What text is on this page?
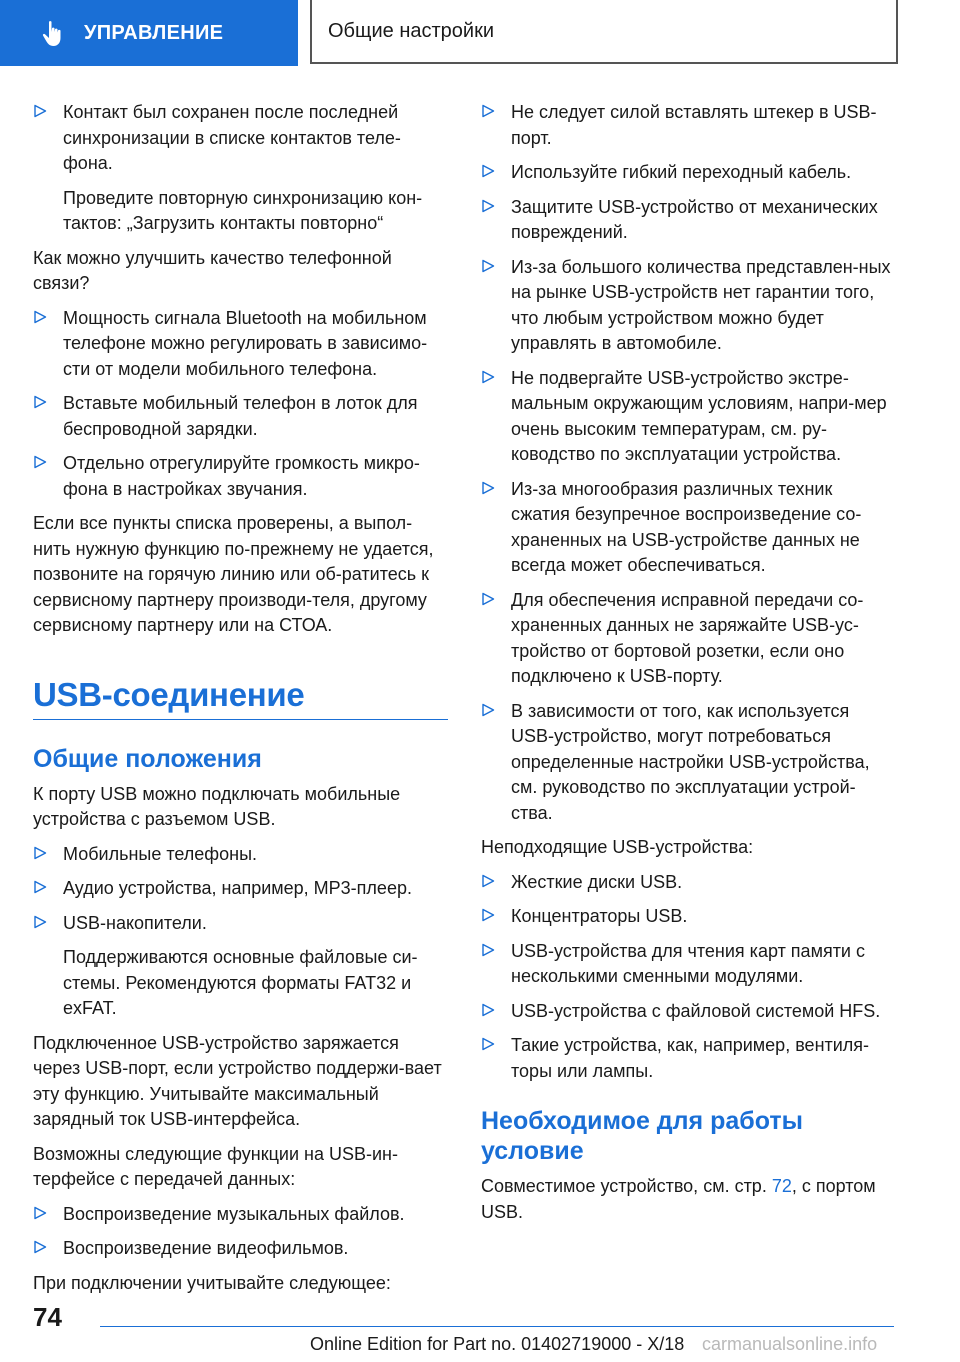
УПРАВЛЕНИЕ	Общие настройки
Контакт был сохранен после последней синхронизации в списке контактов теле-фона.
Проведите повторную синхронизацию кон-тактов: „Загрузить контакты повторно“
Как можно улучшить качество телефонной связи?
Мощность сигнала Bluetooth на мобильном телефоне можно регулировать в зависимо-сти от модели мобильного телефона.
Вставьте мобильный телефон в лоток для беспроводной зарядки.
Отдельно отрегулируйте громкость микро-фона в настройках звучания.
Если все пункты списка проверены, а выпол-нить нужную функцию по-прежнему не удается, позвоните на горячую линию или об-ратитесь к сервисному партнеру производи-теля, другому сервисному партнеру или на СТОА.
USB-соединение
Общие положения
К порту USB можно подключать мобильные устройства с разъемом USB.
Мобильные телефоны.
Аудио устройства, например, MP3-плеер.
USB-накопители.
Поддерживаются основные файловые си-стемы. Рекомендуются форматы FAT32 и exFAT.
Подключенное USB-устройство заряжается через USB-порт, если устройство поддержи-вает эту функцию. Учитывайте максимальный зарядный ток USB-интерфейса.
Возможны следующие функции на USB-ин-терфейсе с передачей данных:
Воспроизведение музыкальных файлов.
Воспроизведение видеофильмов.
При подключении учитывайте следующее:
Не следует силой вставлять штекер в USB-порт.
Используйте гибкий переходный кабель.
Защитите USB-устройство от механических повреждений.
Из-за большого количества представлен-ных на рынке USB-устройств нет гарантии того, что любым устройством можно будет управлять в автомобиле.
Не подвергайте USB-устройство экстре-мальным окружающим условиям, напри-мер очень высоким температурам, см. ру-ководство по эксплуатации устройства.
Из-за многообразия различных техник сжатия безупречное воспроизведение со-храненных на USB-устройстве данных не всегда может обеспечиваться.
Для обеспечения исправной передачи со-храненных данных не заряжайте USB-ус-тройство от бортовой розетки, если оно подключено к USB-порту.
В зависимости от того, как используется USB-устройство, могут потребоваться определенные настройки USB-устройства, см. руководство по эксплуатации устрой-ства.
Неподходящие USB-устройства:
Жесткие диски USB.
Концентраторы USB.
USB-устройства для чтения карт памяти с несколькими сменными модулями.
USB-устройства с файловой системой HFS.
Такие устройства, как, например, вентиля-торы или лампы.
Необходимое для работы условие
Совместимое устройство, см. стр. 72, с портом USB.
74
Online Edition for Part no. 01402719000 - X/18 carmanualsonline.info
